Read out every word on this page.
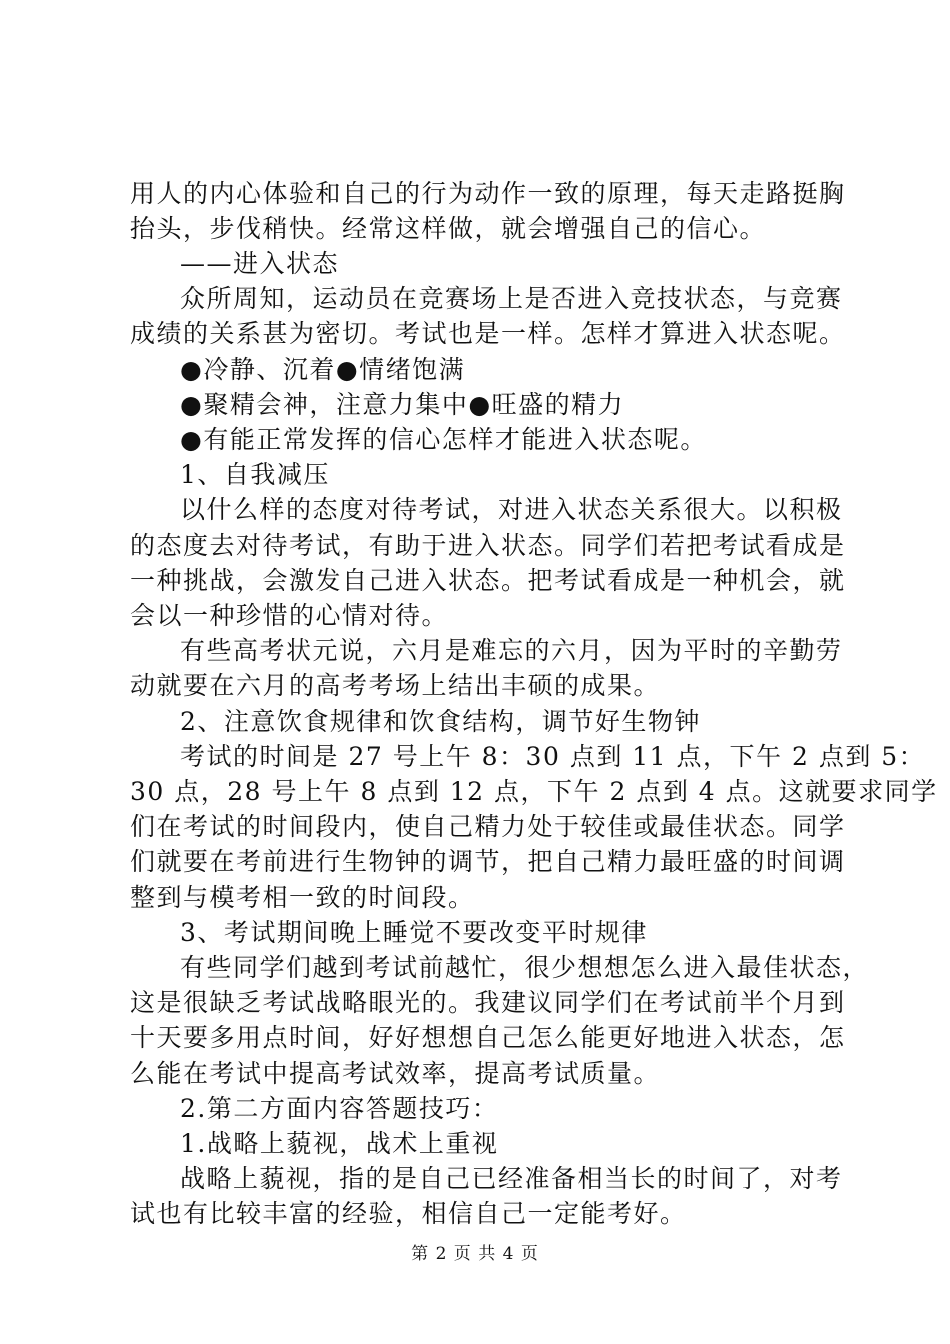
用人的内心体验和自己的行为动作一致的原理，每天走路挺胸
抬头，步伐稍快。经常这样做，就会增强自己的信心。
——进入状态
众所周知，运动员在竞赛场上是否进入竞技状态，与竞赛
成绩的关系甚为密切。考试也是一样。怎样才算进入状态呢。
●冷静、沉着●情绪饱满
●聚精会神，注意力集中●旺盛的精力
●有能正常发挥的信心怎样才能进入状态呢。
1、自我减压
以什么样的态度对待考试，对进入状态关系很大。以积极
的态度去对待考试，有助于进入状态。同学们若把考试看成是
一种挑战，会激发自己进入状态。把考试看成是一种机会，就
会以一种珍惜的心情对待。
有些高考状元说，六月是难忘的六月，因为平时的辛勤劳
动就要在六月的高考考场上结出丰硕的成果。
2、注意饮食规律和饮食结构，调节好生物钟
考试的时间是 27 号上午 8：30 点到 11 点，下午 2 点到 5：
30 点，28 号上午 8 点到 12 点，下午 2 点到 4 点。这就要求同学
们在考试的时间段内，使自己精力处于较佳或最佳状态。同学
们就要在考前进行生物钟的调节，把自己精力最旺盛的时间调
整到与模考相一致的时间段。
3、考试期间晚上睡觉不要改变平时规律
有些同学们越到考试前越忙，很少想想怎么进入最佳状态，
这是很缺乏考试战略眼光的。我建议同学们在考试前半个月到
十天要多用点时间，好好想想自己怎么能更好地进入状态，怎
么能在考试中提高考试效率，提高考试质量。
2.第二方面内容答题技巧：
1.战略上藐视，战术上重视
战略上藐视，指的是自己已经准备相当长的时间了，对考
试也有比较丰富的经验，相信自己一定能考好。
第 2 页 共 4 页
